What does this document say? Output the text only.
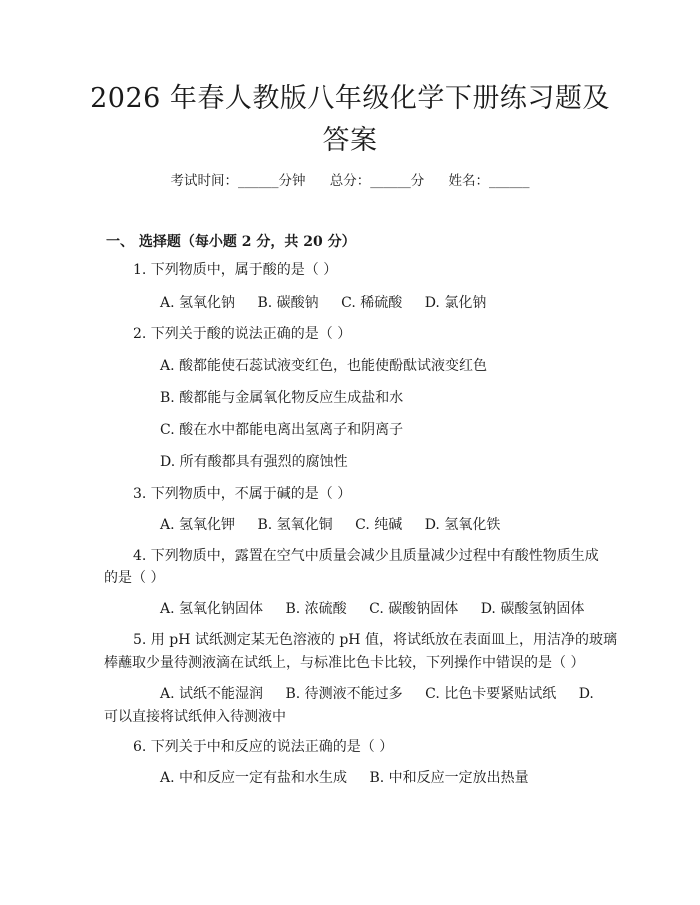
2026 年春人教版八年级化学下册练习题及答案
考试时间：______分钟 总分：______分 姓名：______
一、 选择题（每小题 2 分，共 20 分）
1. 下列物质中，属于酸的是（ ）
A. 氢氧化钠 B. 碳酸钠 C. 稀硫酸 D. 氯化钠
2. 下列关于酸的说法正确的是（ ）
A. 酸都能使石蕊试液变红色，也能使酚酞试液变红色
B. 酸都能与金属氧化物反应生成盐和水
C. 酸在水中都能电离出氢离子和阴离子
D. 所有酸都具有强烈的腐蚀性
3. 下列物质中，不属于碱的是（ ）
A. 氢氧化钾 B. 氢氧化铜 C. 纯碱 D. 氢氧化铁
4. 下列物质中，露置在空气中质量会减少且质量减少过程中有酸性物质生成
的是（ ）
A. 氢氧化钠固体 B. 浓硫酸 C. 碳酸钠固体 D. 碳酸氢钠固体
5. 用 pH 试纸测定某无色溶液的 pH 值，将试纸放在表面皿上，用洁净的玻璃
棒蘸取少量待测液滴在试纸上，与标准比色卡比较，下列操作中错误的是（ ）
A. 试纸不能湿润 B. 待测液不能过多 C. 比色卡要紧贴试纸 D.
可以直接将试纸伸入待测液中
6. 下列关于中和反应的说法正确的是（ ）
A. 中和反应一定有盐和水生成 B. 中和反应一定放出热量
